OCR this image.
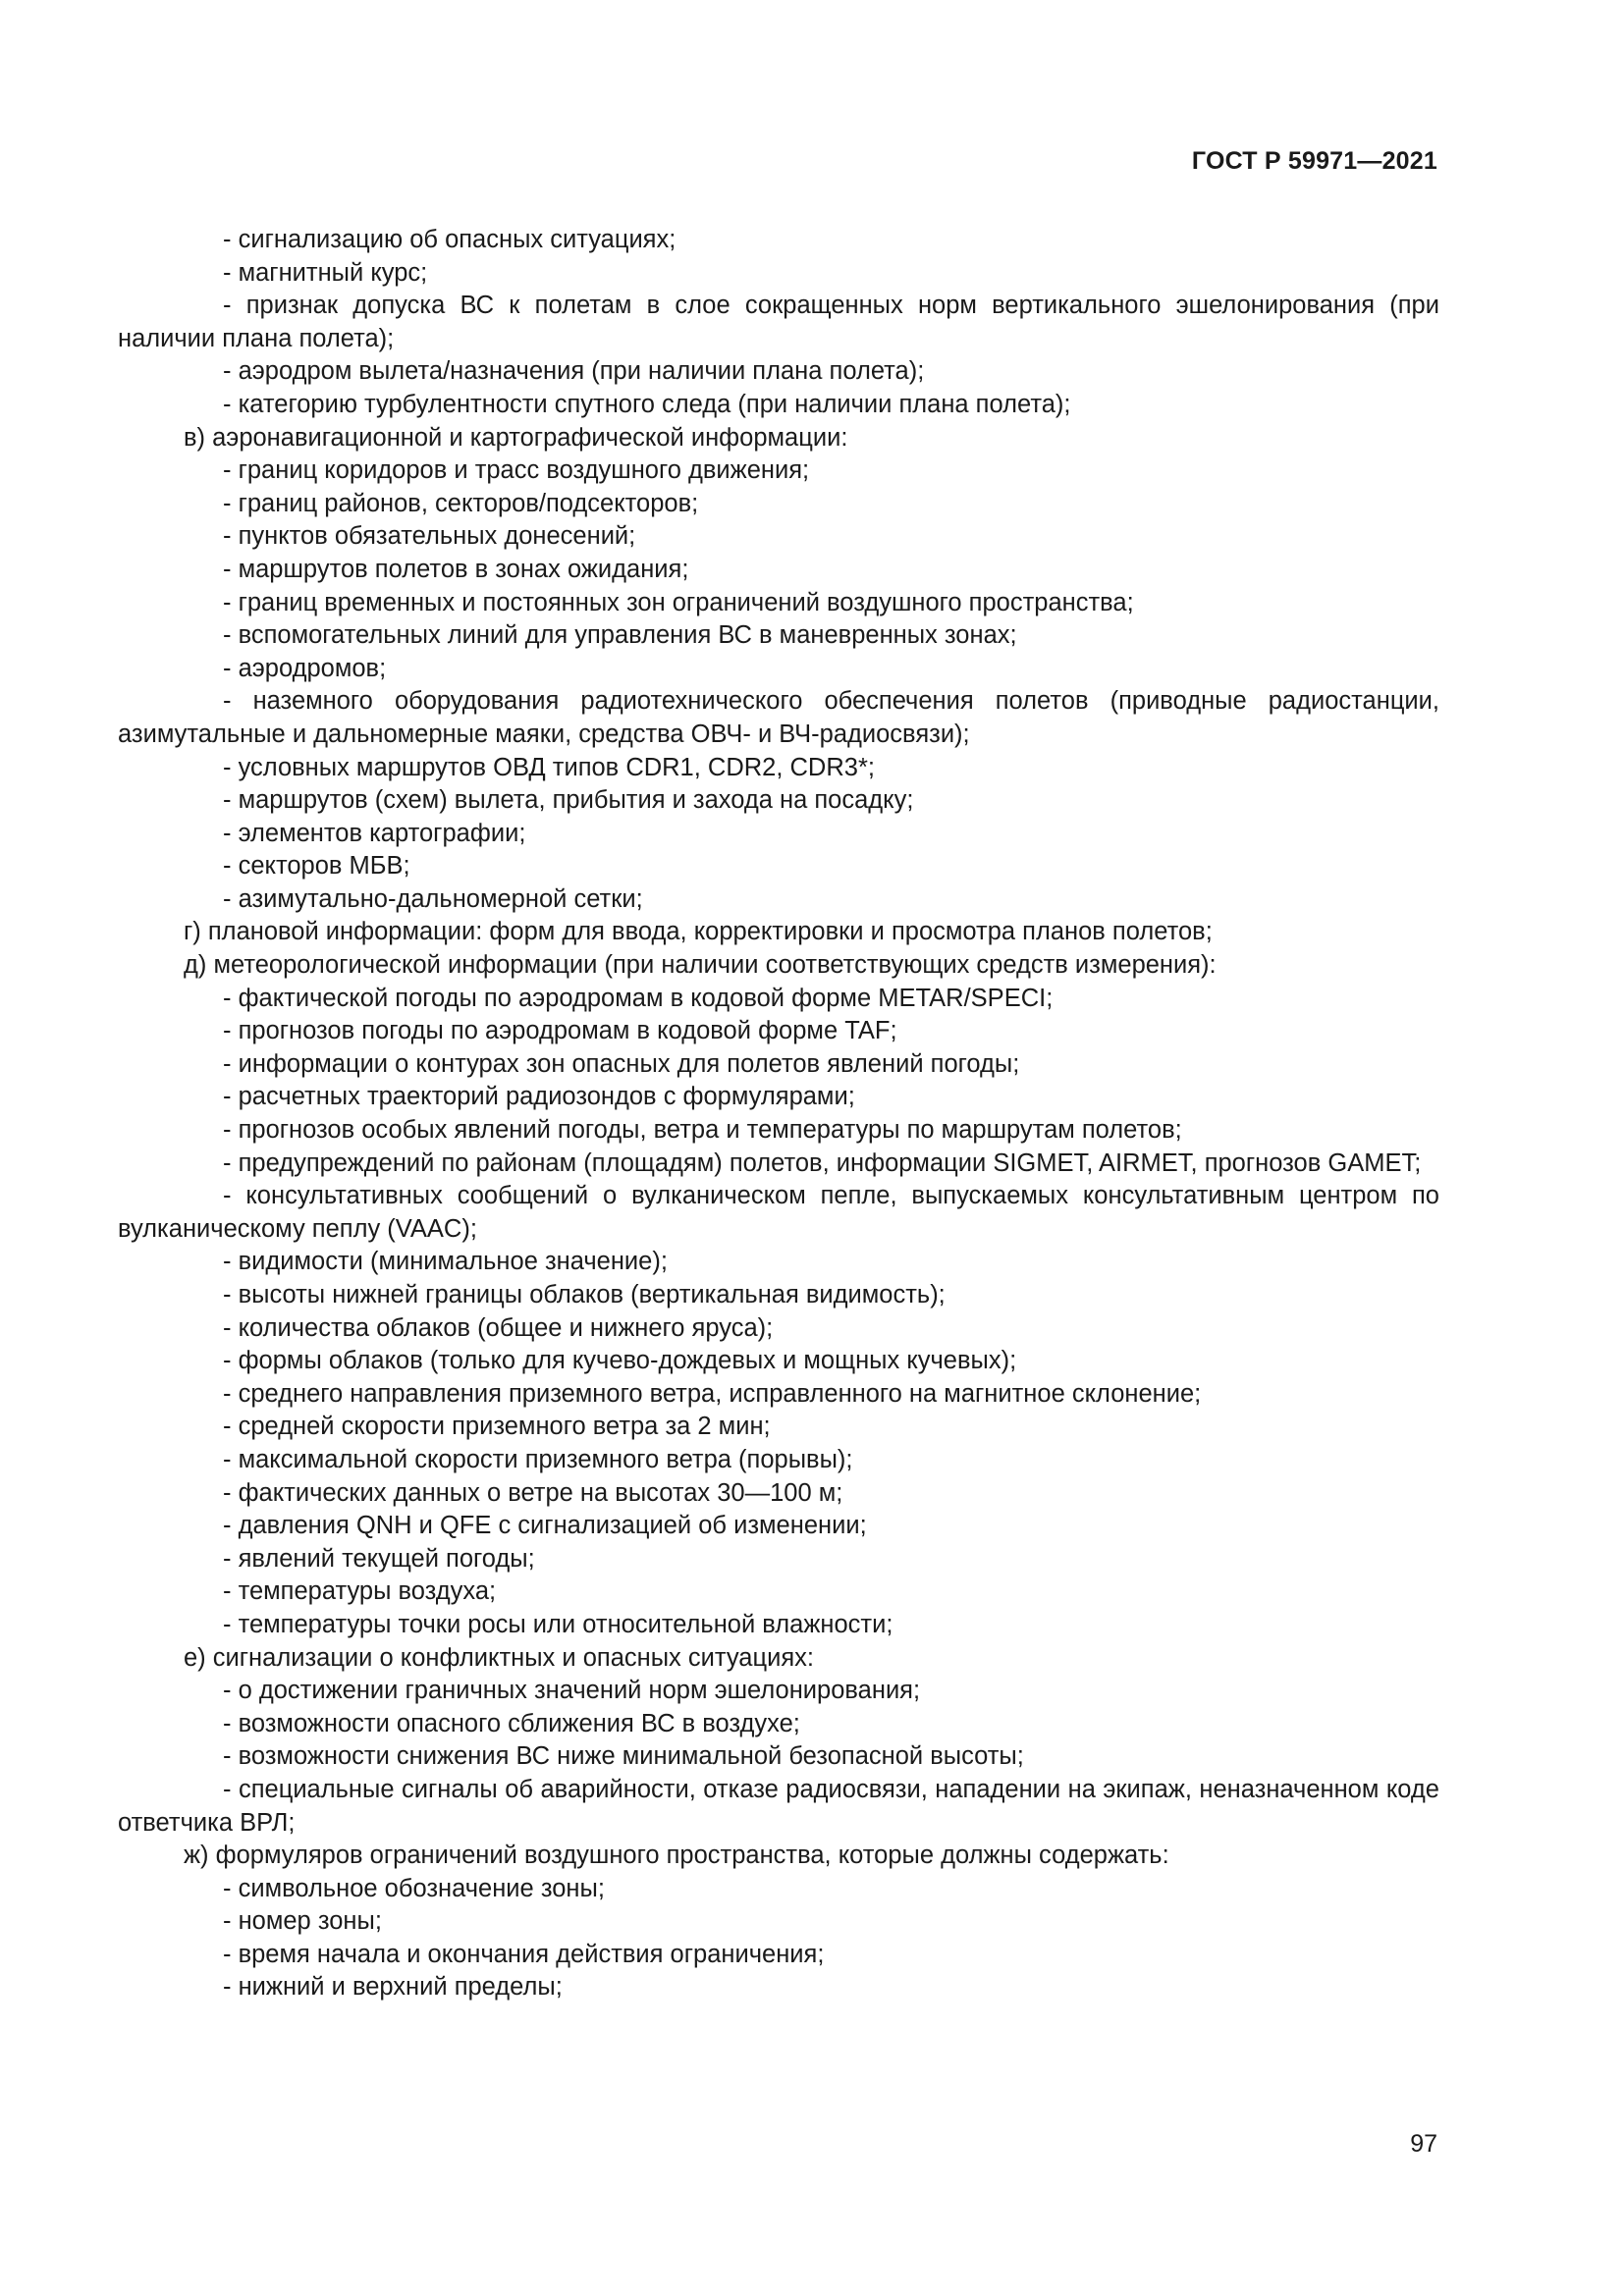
ГОСТ Р 59971—2021
- сигнализацию об опасных ситуациях;
- магнитный курс;
- признак допуска ВС к полетам в слое сокращенных норм вертикального эшелонирования (при наличии плана полета);
- аэродром вылета/назначения (при наличии плана полета);
- категорию турбулентности спутного следа (при наличии плана полета);
в) аэронавигационной и картографической информации:
- границ коридоров и трасс воздушного движения;
- границ районов, секторов/подсекторов;
- пунктов обязательных донесений;
- маршрутов полетов в зонах ожидания;
- границ временных и постоянных зон ограничений воздушного пространства;
- вспомогательных линий для управления ВС в маневренных зонах;
- аэродромов;
- наземного оборудования радиотехнического обеспечения полетов (приводные радиостанции, азимутальные и дальномерные маяки, средства ОВЧ- и ВЧ-радиосвязи);
- условных маршрутов ОВД типов CDR1, CDR2, CDR3*;
- маршрутов (схем) вылета, прибытия и захода на посадку;
- элементов картографии;
- секторов МБВ;
- азимутально-дальномерной сетки;
г) плановой информации: форм для ввода, корректировки и просмотра планов полетов;
д) метеорологической информации (при наличии соответствующих средств измерения):
- фактической погоды по аэродромам в кодовой форме METAR/SPECI;
- прогнозов погоды по аэродромам в кодовой форме TAF;
- информации о контурах зон опасных для полетов явлений погоды;
- расчетных траекторий радиозондов с формулярами;
- прогнозов особых явлений погоды, ветра и температуры по маршрутам полетов;
- предупреждений по районам (площадям) полетов, информации SIGMET, AIRMET, прогнозов GAMET;
- консультативных сообщений о вулканическом пепле, выпускаемых консультативным центром по вулканическому пеплу (VAAC);
- видимости (минимальное значение);
- высоты нижней границы облаков (вертикальная видимость);
- количества облаков (общее и нижнего яруса);
- формы облаков (только для кучево-дождевых и мощных кучевых);
- среднего направления приземного ветра, исправленного на магнитное склонение;
- средней скорости приземного ветра за 2 мин;
- максимальной скорости приземного ветра (порывы);
- фактических данных о ветре на высотах 30—100 м;
- давления QNH и QFE с сигнализацией об изменении;
- явлений текущей погоды;
- температуры воздуха;
- температуры точки росы или относительной влажности;
е) сигнализации о конфликтных и опасных ситуациях:
- о достижении граничных значений норм эшелонирования;
- возможности опасного сближения ВС в воздухе;
- возможности снижения ВС ниже минимальной безопасной высоты;
- специальные сигналы об аварийности, отказе радиосвязи, нападении на экипаж, неназначенном коде ответчика ВРЛ;
ж) формуляров ограничений воздушного пространства, которые должны содержать:
- символьное обозначение зоны;
- номер зоны;
- время начала и окончания действия ограничения;
- нижний и верхний пределы;
97
